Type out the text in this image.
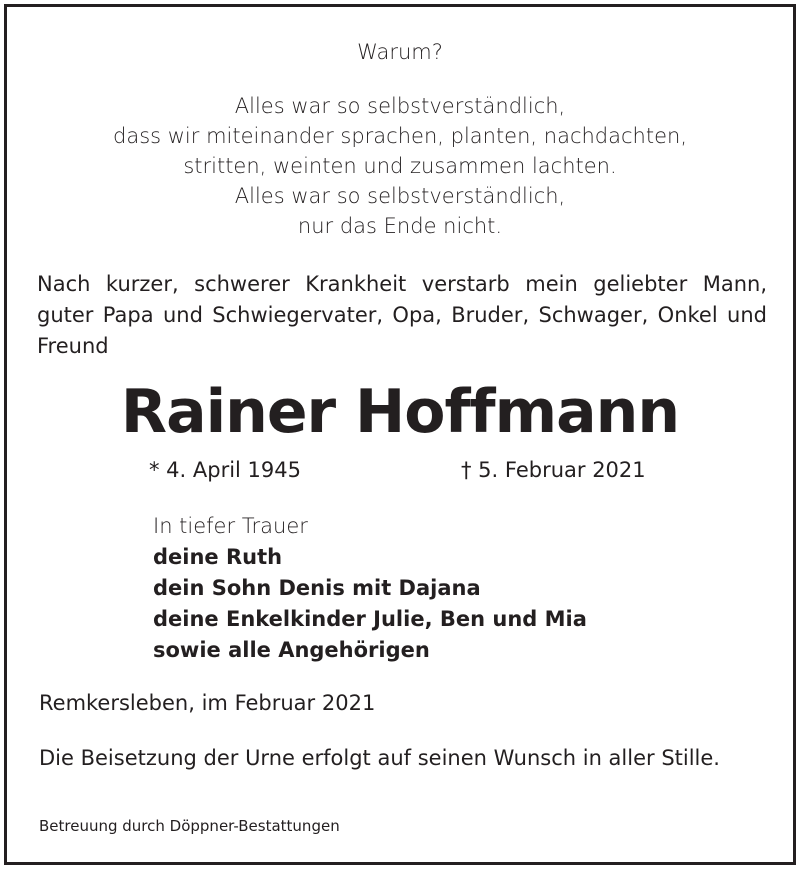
Warum?
Alles war so selbstverständlich,
dass wir miteinander sprachen, planten, nachdachten,
stritten, weinten und zusammen lachten.
Alles war so selbstverständlich,
nur das Ende nicht.
Nach kurzer, schwerer Krankheit verstarb mein geliebter Mann, guter Papa und Schwiegervater, Opa, Bruder, Schwager, Onkel und Freund
Rainer Hoffmann
* 4. April 1945	† 5. Februar 2021
In tiefer Trauer
deine Ruth
dein Sohn Denis mit Dajana
deine Enkelkinder Julie, Ben und Mia
sowie alle Angehörigen
Remkersleben, im Februar 2021
Die Beisetzung der Urne erfolgt auf seinen Wunsch in aller Stille.
Betreuung durch Döppner-Bestattungen
